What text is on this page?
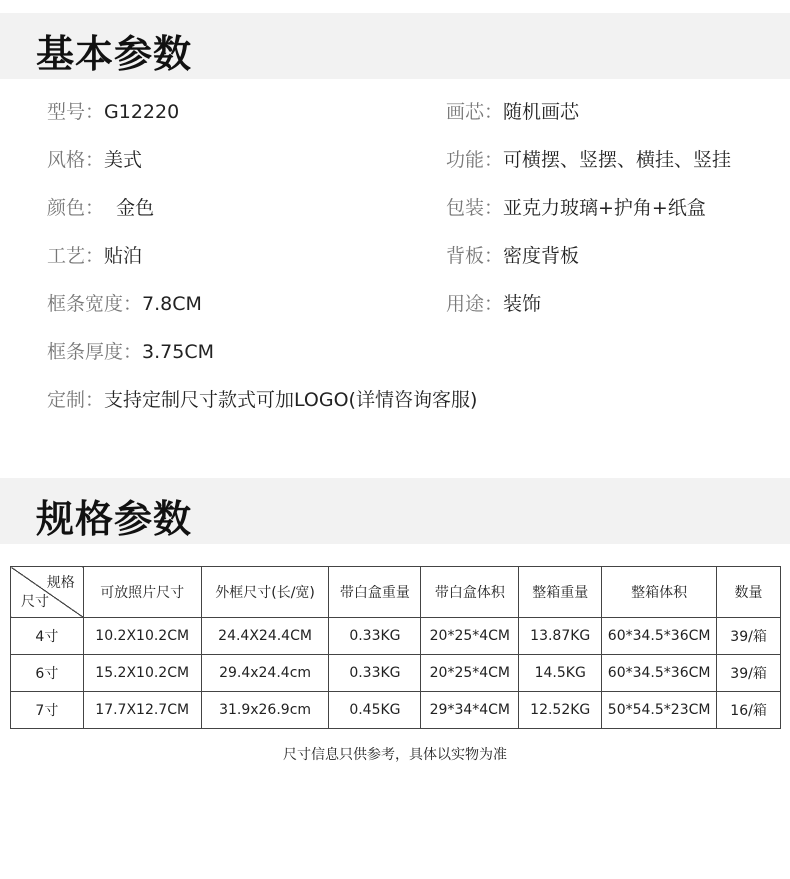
基本参数
型号：G12220
风格：美式
颜色：  金色
工艺：贴泊
框条宽度：7.8CM
框条厚度：3.75CM
定制：支持定制尺寸款式可加LOGO(详情咨询客服)
画芯：随机画芯
功能：可横摆、竖摆、横挂、竖挂
包装：亚克力玻璃+护角+纸盒
背板：密度背板
用途：装饰
规格参数
规格
尺寸	可放照片尺寸	外框尺寸(长/宽)	带白盒重量	带白盒体积	整箱重量	整箱体积	数量
4寸	10.2X10.2CM	24.4X24.4CM	0.33KG	20*25*4CM	13.87KG	60*34.5*36CM	39/箱
6寸	15.2X10.2CM	29.4x24.4cm	0.33KG	20*25*4CM	14.5KG	60*34.5*36CM	39/箱
7寸	17.7X12.7CM	31.9x26.9cm	0.45KG	29*34*4CM	12.52KG	50*54.5*23CM	16/箱
尺寸信息只供参考，具体以实物为准
